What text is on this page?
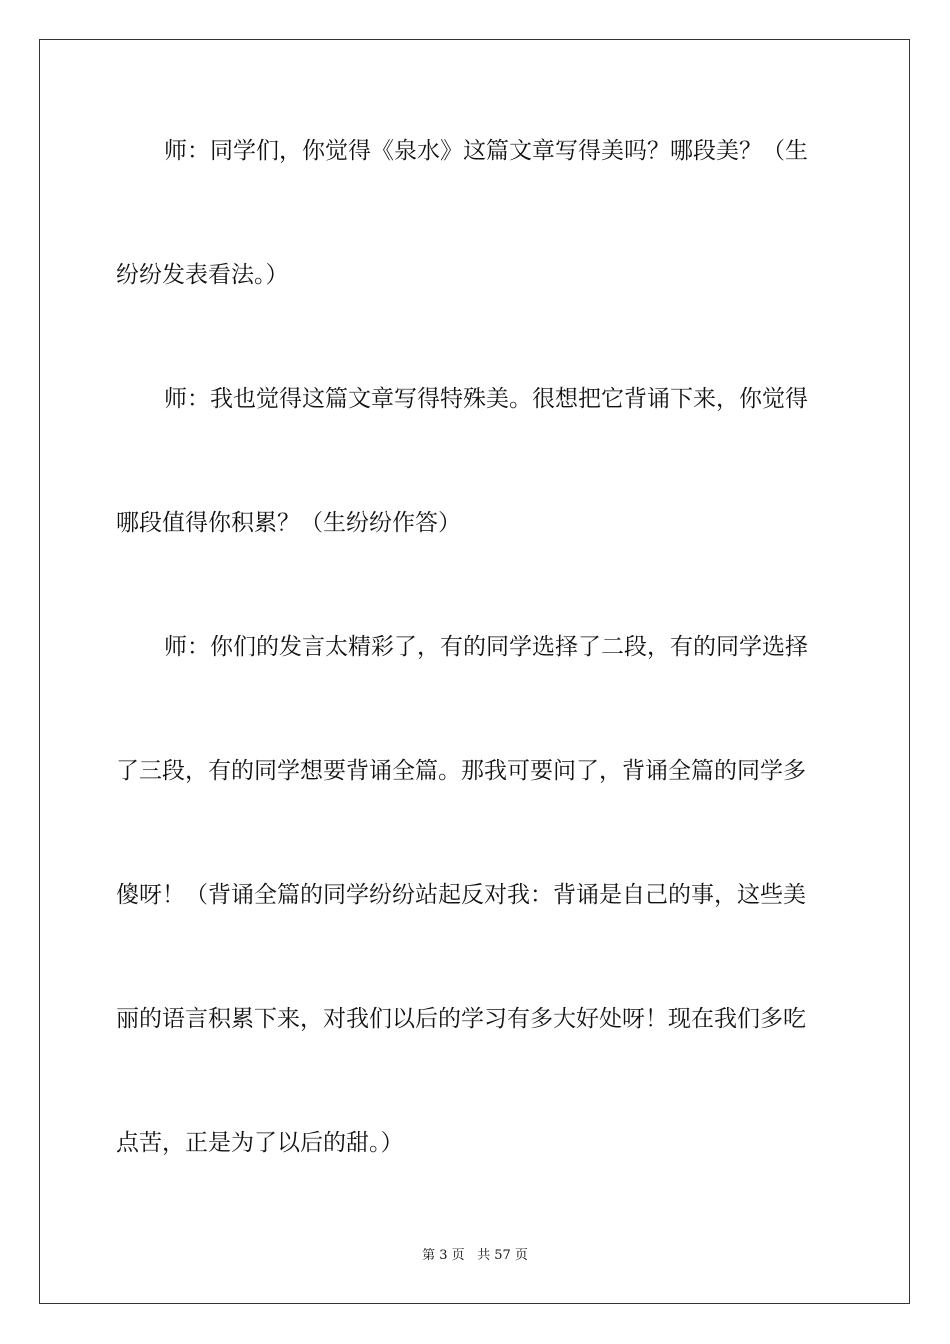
师：同学们，你觉得《泉水》这篇文章写得美吗？哪段美？（生
纷纷发表看法。）
师：我也觉得这篇文章写得特殊美。很想把它背诵下来，你觉得
哪段值得你积累？（生纷纷作答）
师：你们的发言太精彩了，有的同学选择了二段，有的同学选择
了三段，有的同学想要背诵全篇。那我可要问了，背诵全篇的同学多
傻呀！（背诵全篇的同学纷纷站起反对我：背诵是自己的事，这些美
丽的语言积累下来，对我们以后的学习有多大好处呀！现在我们多吃
点苦，正是为了以后的甜。）
第 3 页 共 57 页
